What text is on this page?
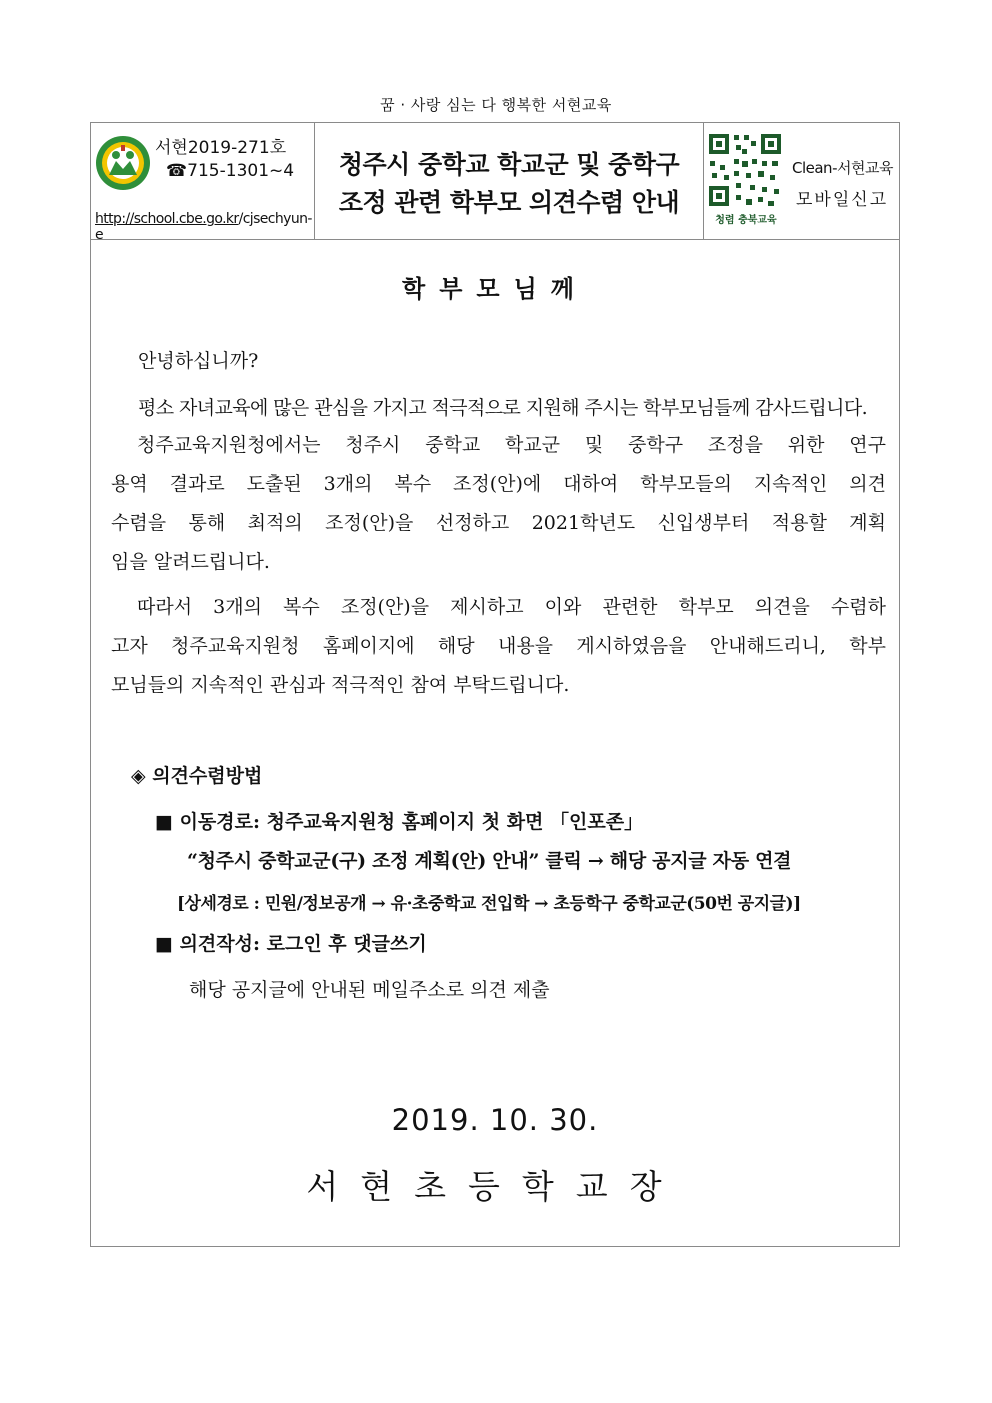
꿈 · 사랑 심는 다 행복한 서현교육
서현2019-271호
☎715-1301~4
http://school.cbe.go.kr/cjsechyun-e
청주시 중학교 학교군 및 중학구
조정 관련 학부모 의견수렴 안내
청렴 충북교육
Clean-서현교육
모바일신고
학부모님께
안녕하십니까?
평소 자녀교육에 많은 관심을 가지고 적극적으로 지원해 주시는 학부모님들께 감사드립니다.
청주교육지원청에서는 청주시 중학교 학교군 및 중학구 조정을 위한 연구
용역 결과로 도출된 3개의 복수 조정(안)에 대하여 학부모들의 지속적인 의견
수렴을 통해 최적의 조정(안)을 선정하고 2021학년도 신입생부터 적용할 계획
임을 알려드립니다.
따라서 3개의 복수 조정(안)을 제시하고 이와 관련한 학부모 의견을 수렴하
고자 청주교육지원청 홈페이지에 해당 내용을 게시하였음을 안내해드리니, 학부
모님들의 지속적인 관심과 적극적인 참여 부탁드립니다.
◈ 의견수렴방법
■ 이동경로: 청주교육지원청 홈페이지 첫 화면 「인포존」
“청주시 중학교군(구) 조정 계획(안) 안내” 클릭 → 해당 공지글 자동 연결
[상세경로 : 민원/정보공개 → 유·초중학교 전입학 → 초등학구 중학교군(50번 공지글)]
■ 의견작성: 로그인 후 댓글쓰기
해당 공지글에 안내된 메일주소로 의견 제출
2019. 10. 30.
서현초등학교장
